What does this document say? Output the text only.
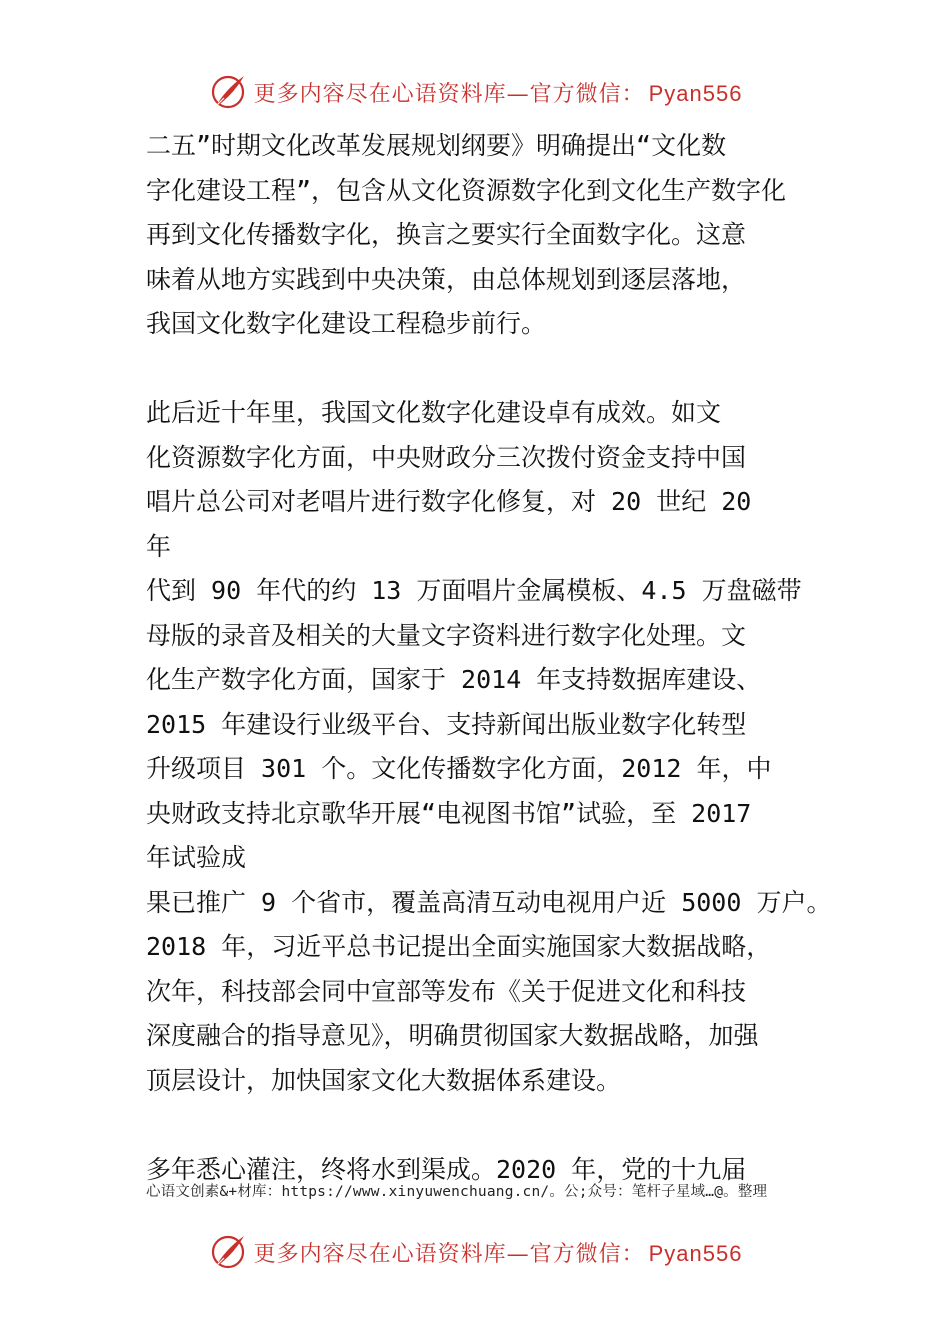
更多内容尽在心语资料库—官方微信： Pyan556
二五”时期文化改革发展规划纲要》明确提出“文化数
字化建设工程”，包含从文化资源数字化到文化生产数字化
再到文化传播数字化，换言之要实行全面数字化。这意
味着从地方实践到中央决策，由总体规划到逐层落地，
我国文化数字化建设工程稳步前行。
此后近十年里，我国文化数字化建设卓有成效。如文
化资源数字化方面，中央财政分三次拨付资金支持中国
唱片总公司对老唱片进行数字化修复，对 20 世纪 20
年
代到 90 年代的约 13 万面唱片金属模板、4.5 万盘磁带
母版的录音及相关的大量文字资料进行数字化处理。文
化生产数字化方面，国家于 2014 年支持数据库建设、
2015 年建设行业级平台、支持新闻出版业数字化转型
升级项目 301 个。文化传播数字化方面，2012 年，中
央财政支持北京歌华开展“电视图书馆”试验，至 2017
年试验成
果已推广 9 个省市，覆盖高清互动电视用户近 5000 万户。
2018 年，习近平总书记提出全面实施国家大数据战略，
次年，科技部会同中宣部等发布《关于促进文化和科技
深度融合的指导意见》，明确贯彻国家大数据战略，加强
顶层设计，加快国家文化大数据体系建设。
多年悉心灌注，终将水到渠成。2020 年，党的十九届
心语文创素&+材库：https://www.xinyuwenchuang.cn/。公;众号：笔杆子星域…@。整理
更多内容尽在心语资料库—官方微信： Pyan556
